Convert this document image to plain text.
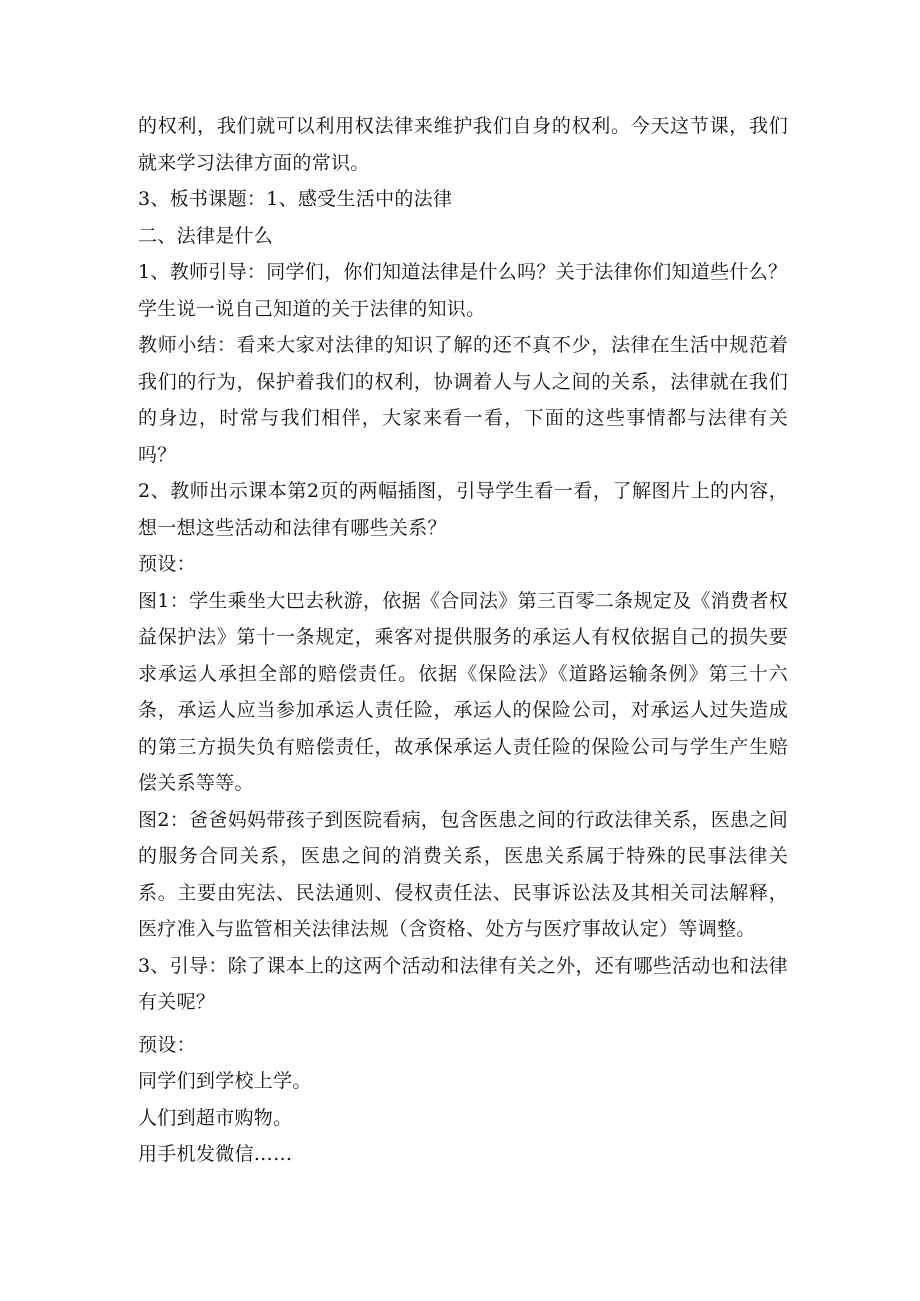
的权利，我们就可以利用权法律来维护我们自身的权利。今天这节课，我们就来学习法律方面的常识。

3、板书课题：1、感受生活中的法律

二、法律是什么

1、教师引导：同学们，你们知道法律是什么吗？关于法律你们知道些什么？

学生说一说自己知道的关于法律的知识。

教师小结：看来大家对法律的知识了解的还不真不少，法律在生活中规范着我们的行为，保护着我们的权利，协调着人与人之间的关系，法律就在我们的身边，时常与我们相伴，大家来看一看，下面的这些事情都与法律有关吗？

2、教师出示课本第2页的两幅插图，引导学生看一看，了解图片上的内容，想一想这些活动和法律有哪些关系？

预设：

图1：学生乘坐大巴去秋游，依据《合同法》第三百零二条规定及《消费者权益保护法》第十一条规定，乘客对提供服务的承运人有权依据自己的损失要求承运人承担全部的赔偿责任。依据《保险法》《道路运输条例》第三十六条，承运人应当参加承运人责任险，承运人的保险公司，对承运人过失造成的第三方损失负有赔偿责任，故承保承运人责任险的保险公司与学生产生赔偿关系等等。

图2：爸爸妈妈带孩子到医院看病，包含医患之间的行政法律关系，医患之间的服务合同关系，医患之间的消费关系，医患关系属于特殊的民事法律关系。主要由宪法、民法通则、侵权责任法、民事诉讼法及其相关司法解释，医疗准入与监管相关法律法规（含资格、处方与医疗事故认定）等调整。

3、引导：除了课本上的这两个活动和法律有关之外，还有哪些活动也和法律有关呢？

预设：

同学们到学校上学。

人们到超市购物。

用手机发微信……
